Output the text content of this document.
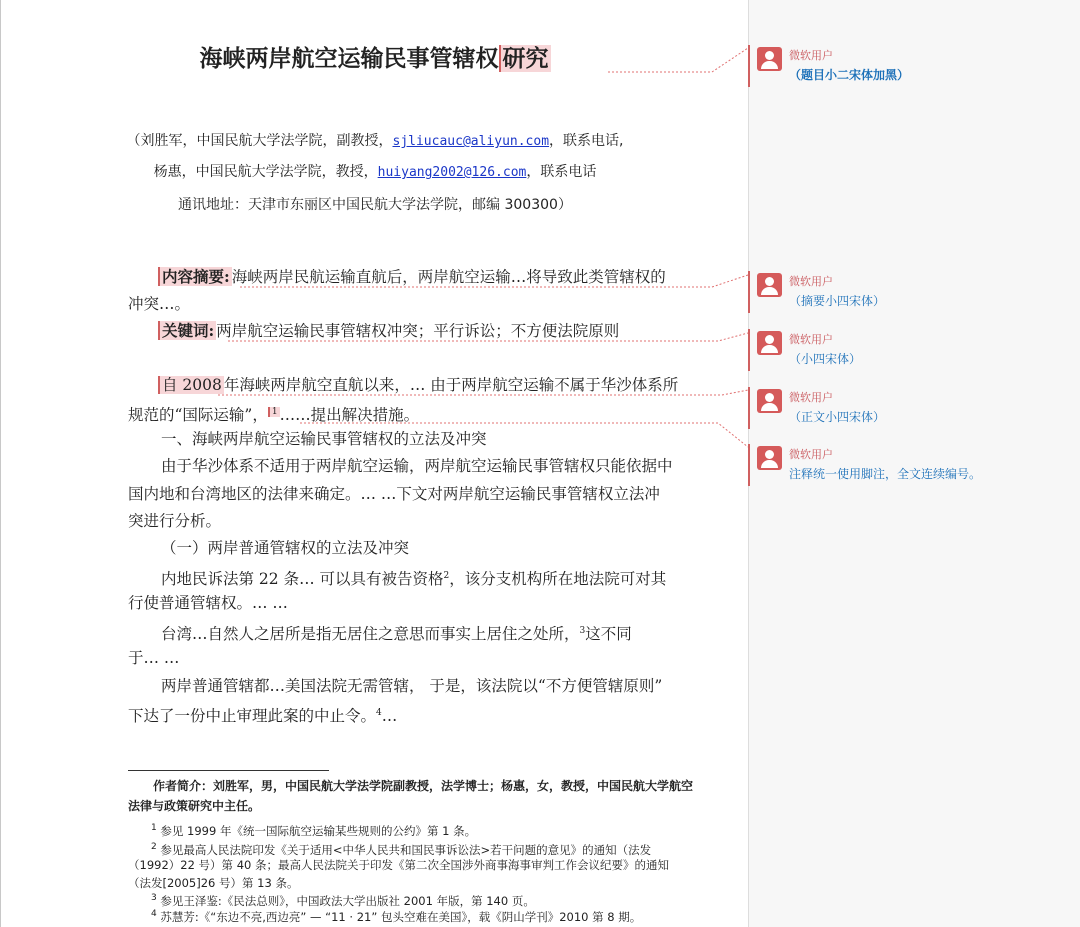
海峡两岸航空运输民事管辖权 研究
（刘胜军，中国民航大学法学院，副教授，sjliucauc@aliyun.com，联系电话,
杨惠，中国民航大学法学院，教授，huiyang2002@126.com，联系电话
通讯地址：天津市东丽区中国民航大学法学院，邮编 300300）
内容摘要: 海峡两岸民航运输直航后，两岸航空运输…将导致此类管辖权的
冲突…。
关键词: 两岸航空运输民事管辖权冲突；平行诉讼；不方便法院原则
自 2008 年海峡两岸航空直航以来，… 由于两岸航空运输不属于华沙体系所
规范的“国际运输”， $^1$ ……提出解决措施。
一、海峡两岸航空运输民事管辖权的立法及冲突
由于华沙体系不适用于两岸航空运输，两岸航空运输民事管辖权只能依据中
国内地和台湾地区的法律来确定。… …下文对两岸航空运输民事管辖权立法冲
突进行分析。
（一）两岸普通管辖权的立法及冲突
内地民诉法第 22 条… 可以具有被告资格$^2$，该分支机构所在地法院可对其
行使普通管辖权。… …
台湾…自然人之居所是指无居住之意思而事实上居住之处所，$^3$这不同
于… …
两岸普通管辖都…美国法院无需管辖， 于是，该法院以“不方便管辖原则”
下达了一份中止审理此案的中止令。$^4$…
作者简介：刘胜军，男，中国民航大学法学院副教授，法学博士；杨惠，女，教授，中国民航大学航空
法律与政策研究中主任。
$^1$ 参见 1999 年《统一国际航空运输某些规则的公约》第 1 条。
$^2$ 参见最高人民法院印发《关于适用<中华人民共和国民事诉讼法>若干问题的意见》的通知（法发
（1992）22 号）第 40 条；最高人民法院关于印发《第二次全国涉外商事海事审判工作会议纪要》的通知
（法发[2005]26 号）第 13 条。
$^3$ 参见王泽鉴:《民法总则》，中国政法大学出版社 2001 年版，第 140 页。
$^4$ 苏慧芳:《“东边不亮,西边亮” — “11 · 21” 包头空难在美国》，载《阴山学刊》2010 第 8 期。
微软用户
（题目小二宋体加黑）
微软用户
（摘要小四宋体）
微软用户
（小四宋体）
微软用户
（正文小四宋体）
微软用户
注释统一使用脚注，全文连续编号。
